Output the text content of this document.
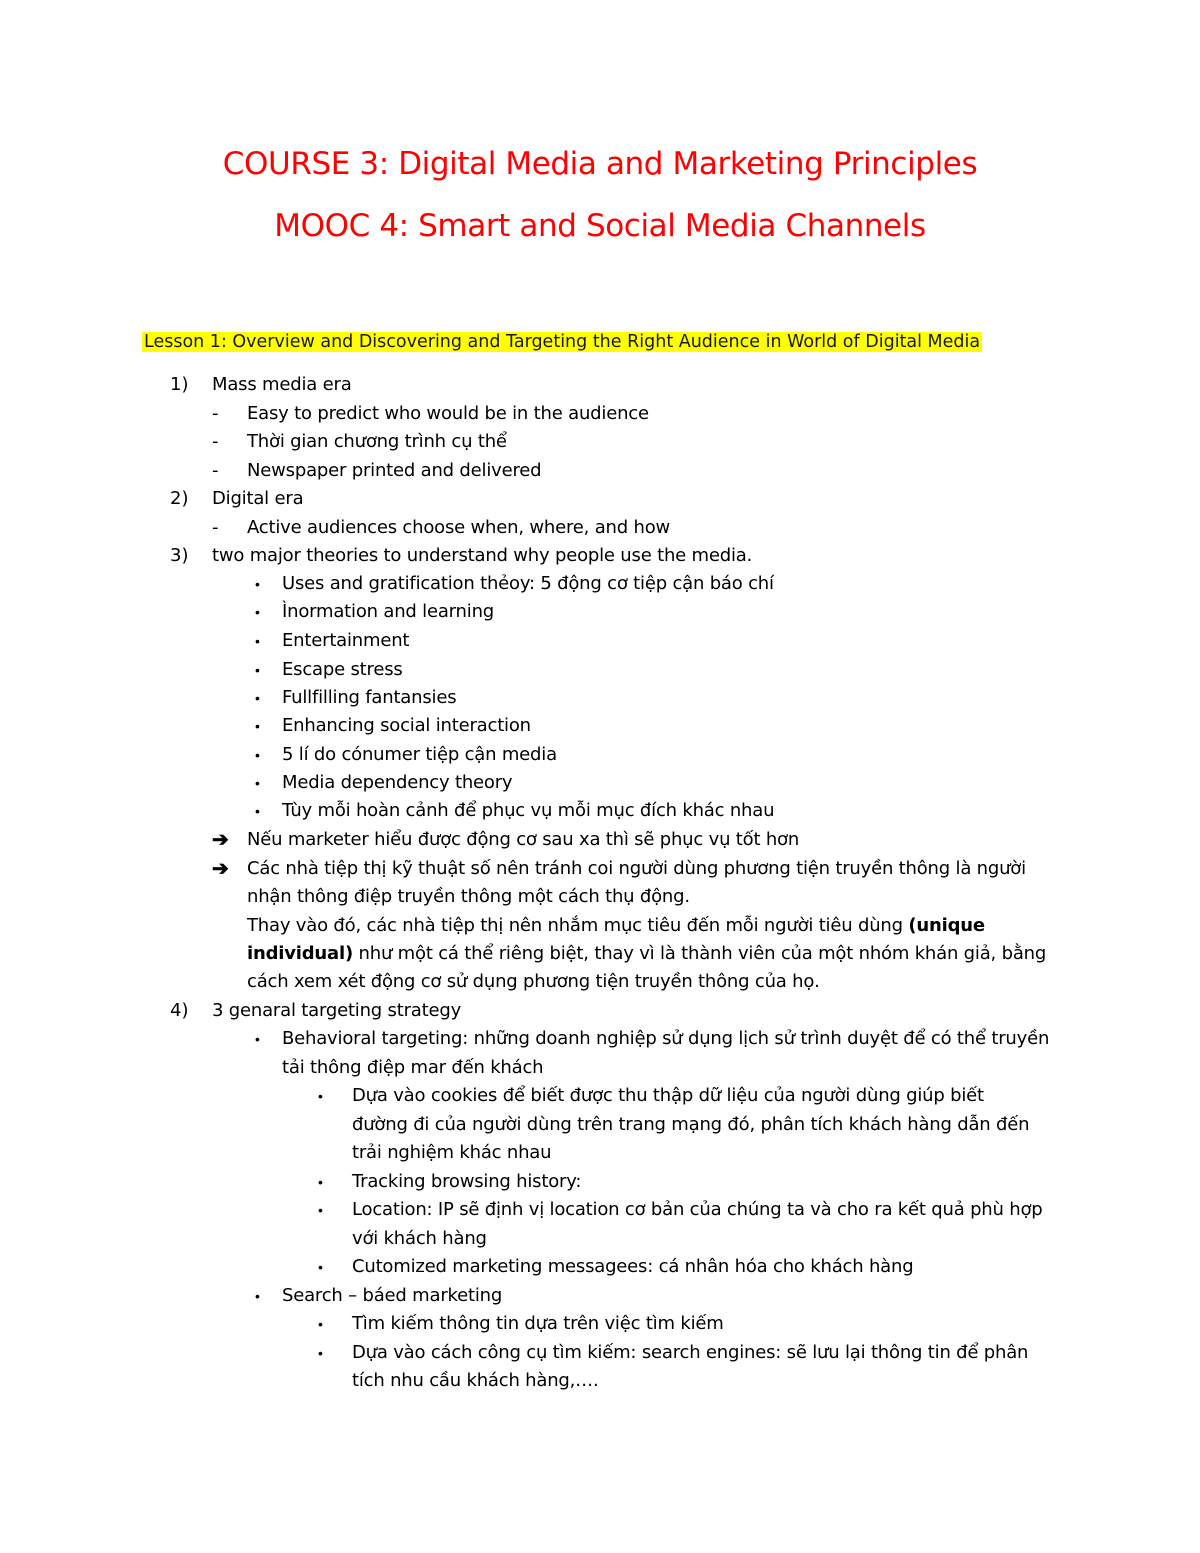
COURSE 3: Digital Media and Marketing Principles
MOOC 4: Smart and Social Media Channels
Lesson 1: Overview and Discovering and Targeting the Right Audience in World of Digital Media
1) Mass media era
- Easy to predict who would be in the audience
- Thời gian chương trình cụ thể
- Newspaper printed and delivered
2) Digital era
- Active audiences choose when, where, and how
3) two major theories to understand why people use the media.
• Uses and gratification thẻoy: 5 động cơ tiệp cận báo chí
• Ìnormation and learning
• Entertainment
• Escape stress
• Fullfilling fantansies
• Enhancing social interaction
• 5 lí do cónumer tiệp cận media
• Media dependency theory
• Tùy mỗi hoàn cảnh để phục vụ mỗi mục đích khác nhau
➔ Nếu marketer hiểu được động cơ sau xa thì sẽ phục vụ tốt hơn
➔ Các nhà tiệp thị kỹ thuật số nên tránh coi người dùng phương tiện truyền thông là người
nhận thông điệp truyền thông một cách thụ động.
Thay vào đó, các nhà tiệp thị nên nhắm mục tiêu đến mỗi người tiêu dùng (unique
individual) như một cá thể riêng biệt, thay vì là thành viên của một nhóm khán giả, bằng
cách xem xét động cơ sử dụng phương tiện truyền thông của họ.
4) 3 genaral targeting strategy
• Behavioral targeting: những doanh nghiệp sử dụng lịch sử trình duyệt để có thể truyền
tải thông điệp mar đến khách
• Dựa vào cookies để biết được thu thập dữ liệu của người dùng giúp biết
đường đi của người dùng trên trang mạng đó, phân tích khách hàng dẫn đến
trải nghiệm khác nhau
• Tracking browsing history:
• Location: IP sẽ định vị location cơ bản của chúng ta và cho ra kết quả phù hợp
với khách hàng
• Cutomized marketing messagees: cá nhân hóa cho khách hàng
• Search – báed marketing
• Tìm kiếm thông tin dựa trên việc tìm kiếm
• Dựa vào cách công cụ tìm kiếm: search engines: sẽ lưu lại thông tin để phân
tích nhu cầu khách hàng,….
